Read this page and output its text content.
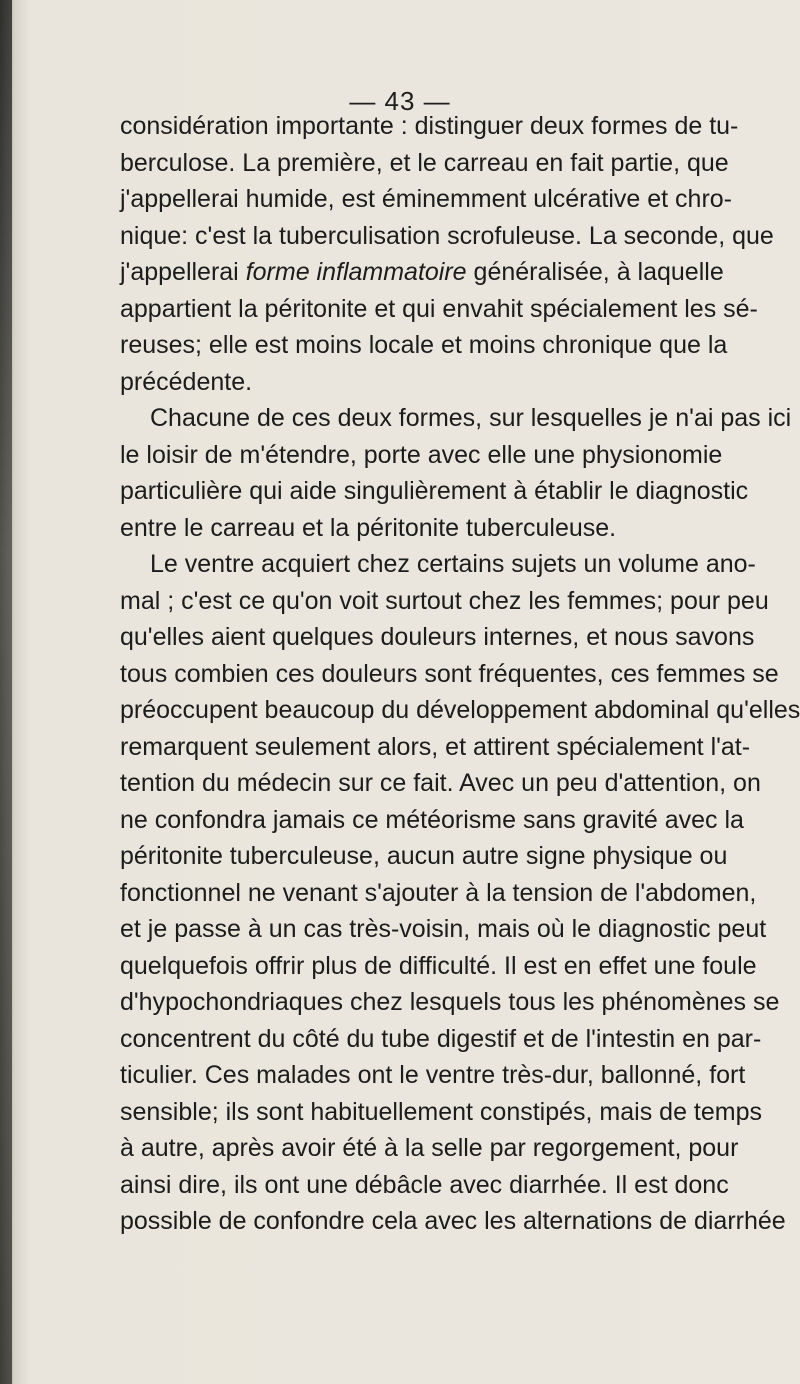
— 43 —

considération importante : distinguer deux formes de tu-
berculose. La première, et le carreau en fait partie, que
j'appellerai humide, est éminemment ulcérative et chro-
nique: c'est la tuberculisation scrofuleuse. La seconde, que
j'appellerai forme inflammatoire généralisée, à laquelle
appartient la péritonite et qui envahit spécialement les sé-
reuses; elle est moins locale et moins chronique que la
précédente.

Chacune de ces deux formes, sur lesquelles je n'ai pas ici
le loisir de m'étendre, porte avec elle une physionomie
particulière qui aide singulièrement à établir le diagnostic
entre le carreau et la péritonite tuberculeuse.

Le ventre acquiert chez certains sujets un volume ano-
mal ; c'est ce qu'on voit surtout chez les femmes; pour peu
qu'elles aient quelques douleurs internes, et nous savons
tous combien ces douleurs sont fréquentes, ces femmes se
préoccupent beaucoup du développement abdominal qu'elles
remarquent seulement alors, et attirent spécialement l'at-
tention du médecin sur ce fait. Avec un peu d'attention, on
ne confondra jamais ce météorisme sans gravité avec la
péritonite tuberculeuse, aucun autre signe physique ou
fonctionnel ne venant s'ajouter à la tension de l'abdomen,
et je passe à un cas très-voisin, mais où le diagnostic peut
quelquefois offrir plus de difficulté. Il est en effet une foule
d'hypochondriaques chez lesquels tous les phénomènes se
concentrent du côté du tube digestif et de l'intestin en par-
ticulier. Ces malades ont le ventre très-dur, ballonné, fort
sensible; ils sont habituellement constipés, mais de temps
à autre, après avoir été à la selle par regorgement, pour
ainsi dire, ils ont une débâcle avec diarrhée. Il est donc
possible de confondre cela avec les alternations de diarrhée
